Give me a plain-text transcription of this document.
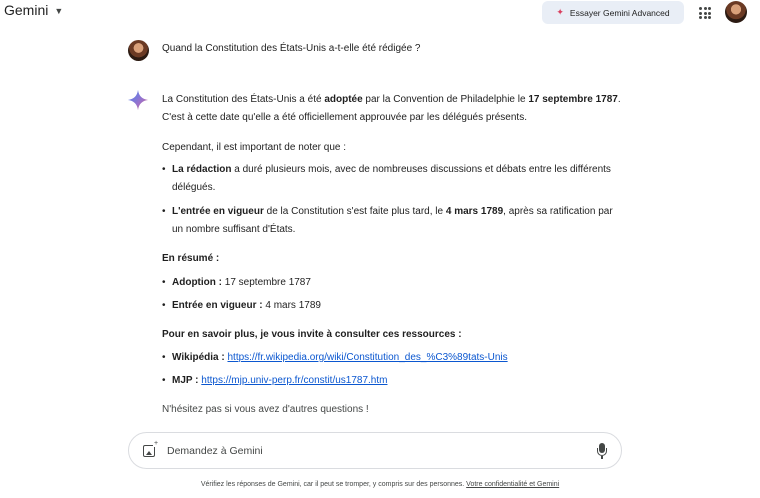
Gemini ▼	✦ Essayer Gemini Advanced
Quand la Constitution des États-Unis a-t-elle été rédigée ?

La Constitution des États-Unis a été adoptée par la Convention de Philadelphie le 17 septembre 1787. C'est à cette date qu'elle a été officiellement approuvée par les délégués présents.

Cependant, il est important de noter que :

• La rédaction a duré plusieurs mois, avec de nombreuses discussions et débats entre les différents délégués.
• L'entrée en vigueur de la Constitution s'est faite plus tard, le 4 mars 1789, après sa ratification par un nombre suffisant d'États.

En résumé :

• Adoption : 17 septembre 1787
• Entrée en vigueur : 4 mars 1789

Pour en savoir plus, je vous invite à consulter ces ressources :

• Wikipédia : https://fr.wikipedia.org/wiki/Constitution_des_%C3%89tats-Unis
• MJP : https://mjp.univ-perp.fr/constit/us1787.htm

N'hésitez pas si vous avez d'autres questions !

+
Demandez à Gemini
Vérifiez les réponses de Gemini, car il peut se tromper, y compris sur des personnes. Votre confidentialité et Gemini
